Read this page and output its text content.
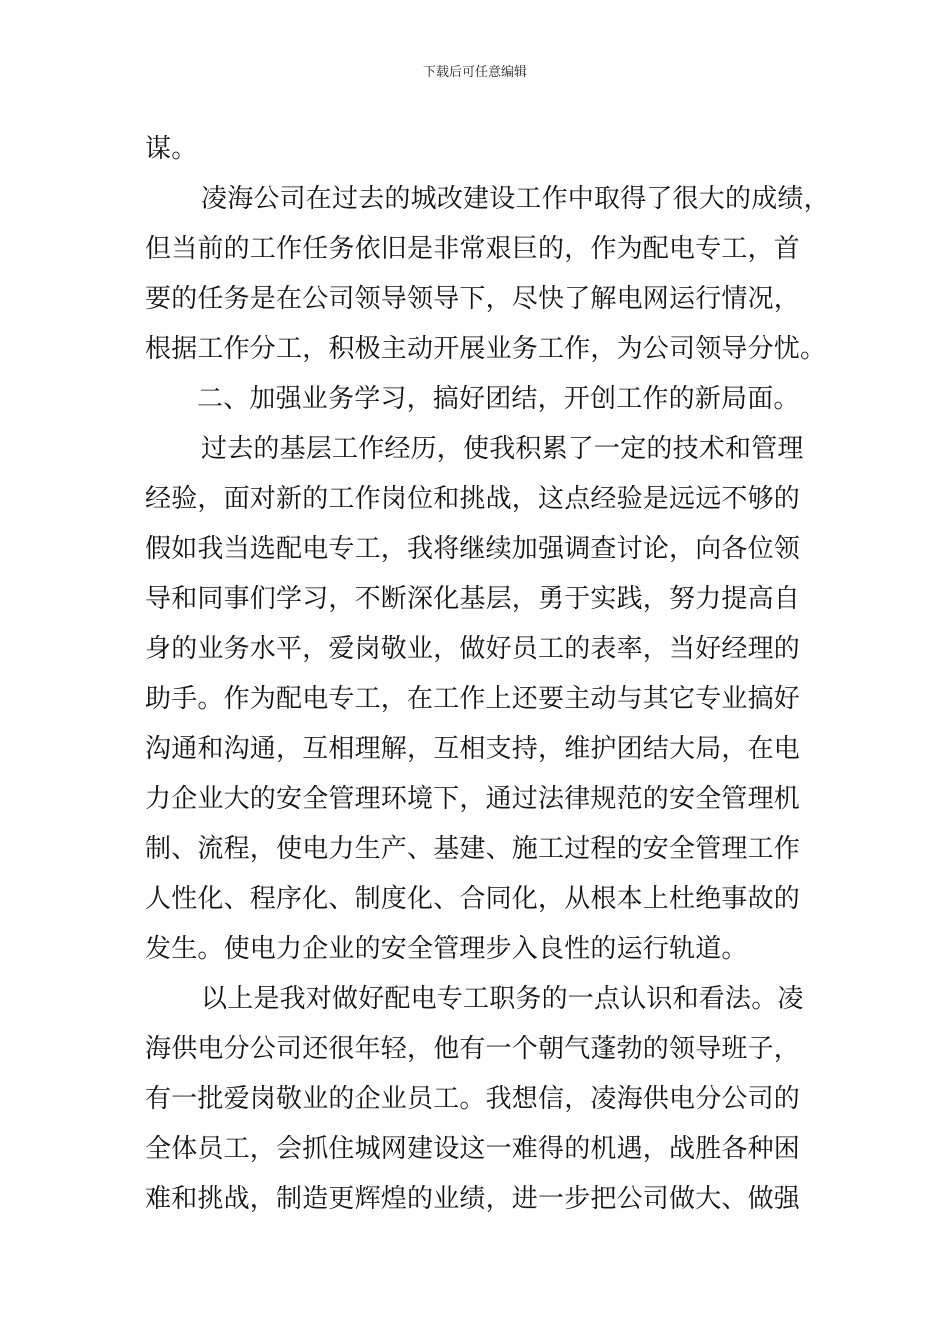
下载后可任意编辑
谋。
凌海公司在过去的城改建设工作中取得了很大的成绩，
但当前的工作任务依旧是非常艰巨的，作为配电专工，首
要的任务是在公司领导领导下，尽快了解电网运行情况，
根据工作分工，积极主动开展业务工作，为公司领导分忧。
二、加强业务学习，搞好团结，开创工作的新局面。
过去的基层工作经历，使我积累了一定的技术和管理
经验，面对新的工作岗位和挑战，这点经验是远远不够的
假如我当选配电专工，我将继续加强调查讨论，向各位领
导和同事们学习，不断深化基层，勇于实践，努力提高自
身的业务水平，爱岗敬业，做好员工的表率，当好经理的
助手。作为配电专工，在工作上还要主动与其它专业搞好
沟通和沟通，互相理解，互相支持，维护团结大局，在电
力企业大的安全管理环境下，通过法律规范的安全管理机
制、流程，使电力生产、基建、施工过程的安全管理工作
人性化、程序化、制度化、合同化，从根本上杜绝事故的
发生。使电力企业的安全管理步入良性的运行轨道。
以上是我对做好配电专工职务的一点认识和看法。凌
海供电分公司还很年轻，他有一个朝气蓬勃的领导班子，
有一批爱岗敬业的企业员工。我想信，凌海供电分公司的
全体员工，会抓住城网建设这一难得的机遇，战胜各种困
难和挑战，制造更辉煌的业绩，进一步把公司做大、做强
